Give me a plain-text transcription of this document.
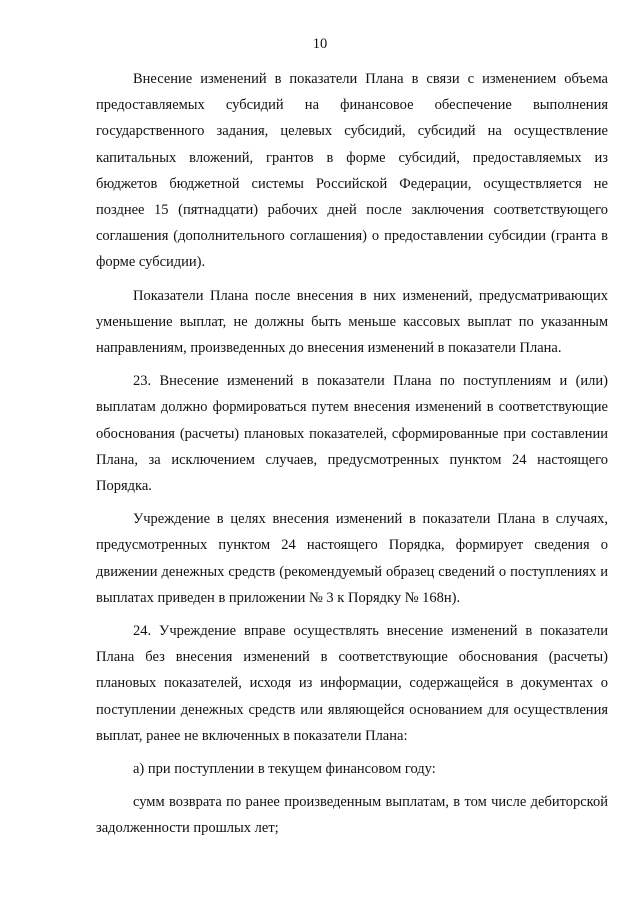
10

Внесение изменений в показатели Плана в связи с изменением объема предоставляемых субсидий на финансовое обеспечение выполнения государственного задания, целевых субсидий, субсидий на осуществление капитальных вложений, грантов в форме субсидий, предоставляемых из бюджетов бюджетной системы Российской Федерации, осуществляется не позднее 15 (пятнадцати) рабочих дней после заключения соответствующего соглашения (дополнительного соглашения) о предоставлении субсидии (гранта в форме субсидии).

Показатели Плана после внесения в них изменений, предусматривающих уменьшение выплат, не должны быть меньше кассовых выплат по указанным направлениям, произведенных до внесения изменений в показатели Плана.

23. Внесение изменений в показатели Плана по поступлениям и (или) выплатам должно формироваться путем внесения изменений в соответствующие обоснования (расчеты) плановых показателей, сформированные при составлении Плана, за исключением случаев, предусмотренных пунктом 24 настоящего Порядка.

Учреждение в целях внесения изменений в показатели Плана в случаях, предусмотренных пунктом 24 настоящего Порядка, формирует сведения о движении денежных средств (рекомендуемый образец сведений о поступлениях и выплатах приведен в приложении № 3 к Порядку № 168н).

24. Учреждение вправе осуществлять внесение изменений в показатели Плана без внесения изменений в соответствующие обоснования (расчеты) плановых показателей, исходя из информации, содержащейся в документах о поступлении денежных средств или являющейся основанием для осуществления выплат, ранее не включенных в показатели Плана:

а) при поступлении в текущем финансовом году:

сумм возврата по ранее произведенным выплатам, в том числе дебиторской задолженности прошлых лет;
